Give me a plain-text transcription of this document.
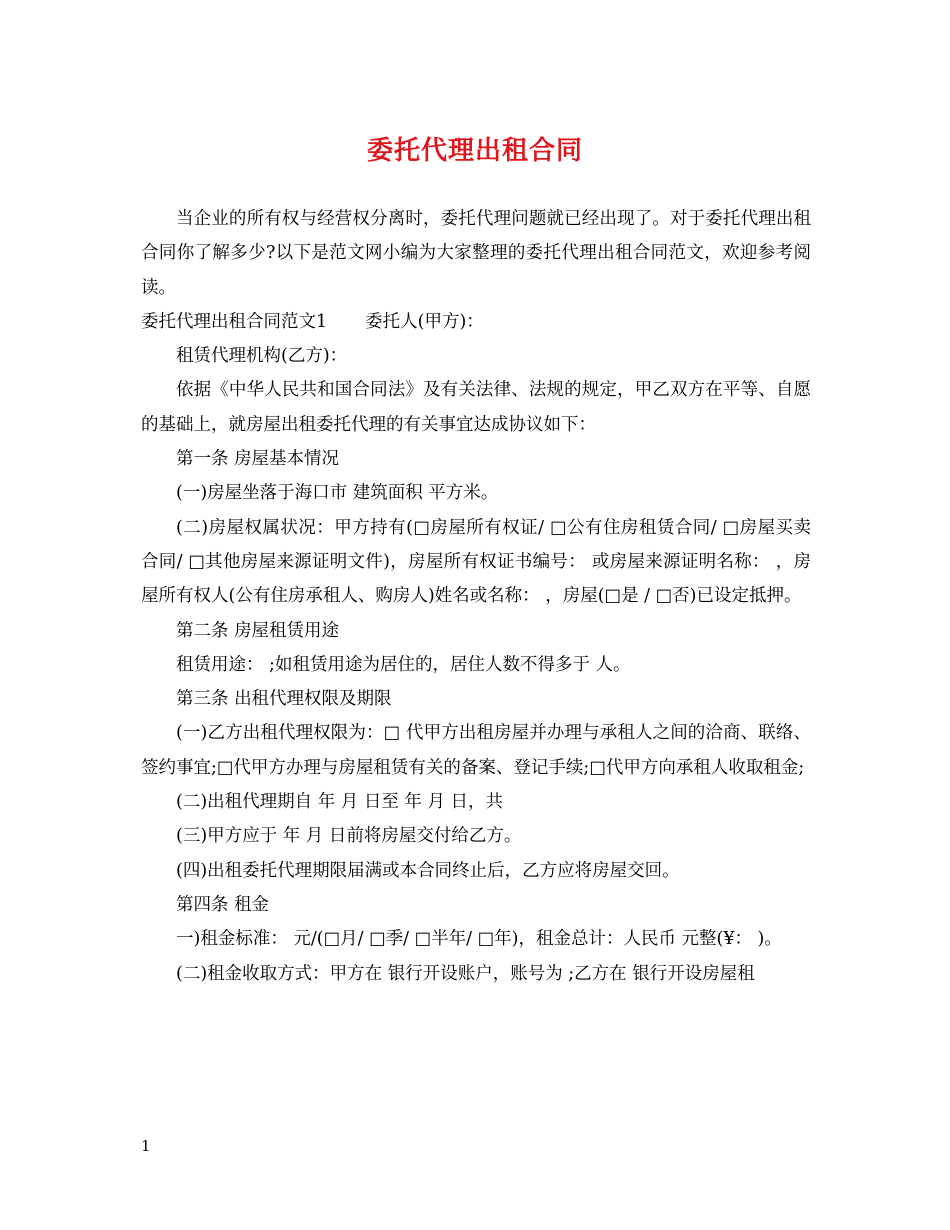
委托代理出租合同

当企业的所有权与经营权分离时，委托代理问题就已经出现了。对于委托代理出租合同你了解多少?以下是范文网小编为大家整理的委托代理出租合同范文，欢迎参考阅读。

委托代理出租合同范文1 委托人(甲方)：

租赁代理机构(乙方)：

依据《中华人民共和国合同法》及有关法律、法规的规定，甲乙双方在平等、自愿的基础上，就房屋出租委托代理的有关事宜达成协议如下：

第一条 房屋基本情况

(一)房屋坐落于海口市 建筑面积 平方米。

(二)房屋权属状况：甲方持有(□房屋所有权证/ □公有住房租赁合同/ □房屋买卖合同/ □其他房屋来源证明文件)，房屋所有权证书编号： 或房屋来源证明名称： ，房屋所有权人(公有住房承租人、购房人)姓名或名称： ，房屋(□是 / □否)已设定抵押。

第二条 房屋租赁用途

租赁用途： ;如租赁用途为居住的，居住人数不得多于 人。

第三条 出租代理权限及期限

(一)乙方出租代理权限为：□ 代甲方出租房屋并办理与承租人之间的洽商、联络、签约事宜;□代甲方办理与房屋租赁有关的备案、登记手续;□代甲方向承租人收取租金;

(二)出租代理期自 年 月 日至 年 月 日，共

(三)甲方应于 年 月 日前将房屋交付给乙方。

(四)出租委托代理期限届满或本合同终止后，乙方应将房屋交回。

第四条 租金

一)租金标准： 元/(□月/ □季/ □半年/ □年)，租金总计：人民币 元整(¥： )。

(二)租金收取方式：甲方在 银行开设账户，账号为 ;乙方在 银行开设房屋租

1
